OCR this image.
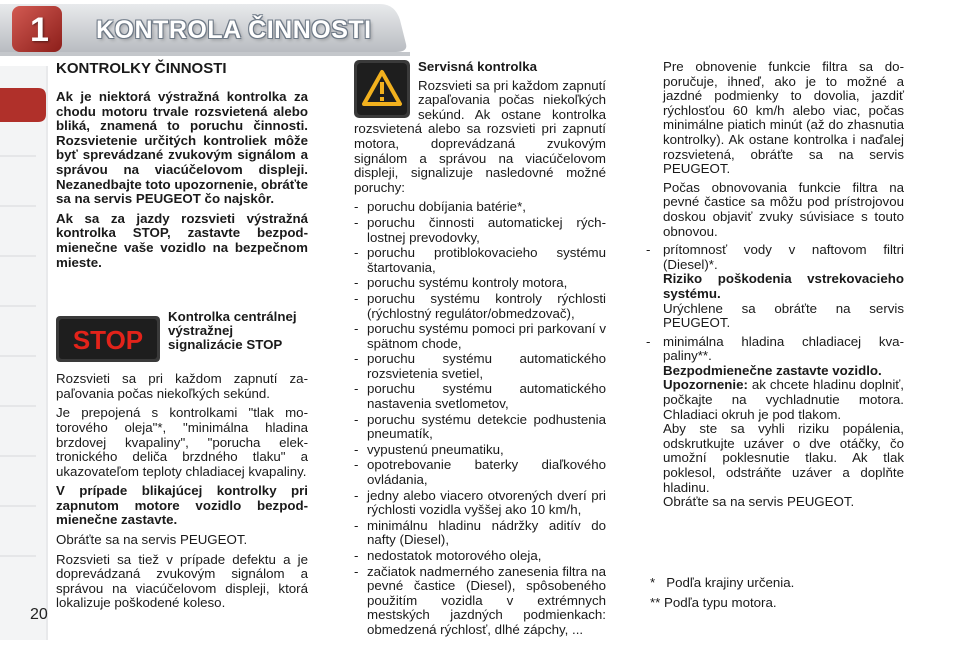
1 KONTROLA ČINNOSTI
KONTROLKY ČINNOSTI

Ak je niektorá výstražná kontrolka za chodu motoru trvale rozsvietená alebo bliká, znamená to poruchu činnosti. Rozsvietenie určitých kontroliek môže byť sprevádzané zvukovým signálom a správou na viacúčelovom displeji. Nezanedbajte toto upozornenie, obráťte sa na servis PEUGEOT čo najskôr.

Ak sa za jazdy rozsvieti výstražná kontrolka STOP, zastavte bezpodmienečne vaše vozidlo na bezpečnom mieste.

STOP
Kontrolka centrálnej výstražnej signalizácie STOP

Rozsvieti sa pri každom zapnutí zapaľovania počas niekoľkých sekúnd.

Je prepojená s kontrolkami "tlak motorového oleja"*, "minimálna hladina brzdovej kvapaliny", "porucha elektronického deliča brzdného tlaku" a ukazovateľom teploty chladiacej kvapaliny.

V prípade blikajúcej kontrolky pri zapnutom motore vozidlo bezpodmienečne zastavte.

Obráťte sa na servis PEUGEOT.

Rozsvieti sa tiež v prípade defektu a je doprevádzaná zvukovým signálom a správou na viacúčelovom displeji, ktorá lokalizuje poškodené koleso.

Servisná kontrolka

Rozsvieti sa pri každom zapnutí zapaľovania počas niekoľkých sekúnd. Ak ostane kontrolka rozsvietená alebo sa rozsvieti pri zapnutí motora, doprevádzaná zvukovým signálom a správou na viacúčelovom displeji, signalizuje nasledovné možné poruchy:

- poruchu dobíjania batérie*,
- poruchu činnosti automatickej rýchlostnej prevodovky,
- poruchu protiblokovacieho systému štartovania,
- poruchu systému kontroly motora,
- poruchu systému kontroly rýchlosti (rýchlostný regulátor/obmedzovač),
- poruchu systému pomoci pri parkovaní v spätnom chode,
- poruchu systému automatického rozsvietenia svetiel,
- poruchu systému automatického nastavenia svetlometov,
- poruchu systému detekcie podhustenia pneumatík,
- vypustenú pneumatiku,
- opotrebovanie baterky diaľkového ovládania,
- jedny alebo viacero otvorených dverí pri rýchlosti vozidla vyššej ako 10 km/h,
- minimálnu hladinu nádržky aditív do nafty (Diesel),
- nedostatok motorového oleja,
- začiatok nadmerného zanesenia filtra na pevné častice (Diesel), spôsobeného použitím vozidla v extrémnych mestských jazdných podmienkach: obmedzená rýchlosť, dlhé zápchy, ...

Pre obnovenie funkcie filtra sa doporučuje, ihneď, ako je to možné a jazdné podmienky to dovolia, jazdiť rýchlosťou 60 km/h alebo viac, počas minimálne piatich minút (až do zhasnutia kontrolky). Ak ostane kontrolka i naďalej rozsvietená, obráťte sa na servis PEUGEOT.

Počas obnovovania funkcie filtra na pevné častice sa môžu pod prístrojovou doskou objaviť zvuky súvisiace s touto obnovou.

- prítomnosť vody v naftovom filtri (Diesel)*.
Riziko poškodenia vstrekovacieho systému.
Urýchlene sa obráťte na servis PEUGEOT.
- minimálna hladina chladiacej kvapaliny**.
Bezpodmienečne zastavte vozidlo.
Upozornenie: ak chcete hladinu doplniť, počkajte na vychladnutie motora. Chladiaci okruh je pod tlakom.
Aby ste sa vyhli riziku popálenia, odskrutkujte uzáver o dve otáčky, čo umožní poklesnutie tlaku. Ak tlak poklesol, odstráňte uzáver a doplňte hladinu.
Obráťte sa na servis PEUGEOT.
*   Podľa krajiny určenia.
** Podľa typu motora.
20
